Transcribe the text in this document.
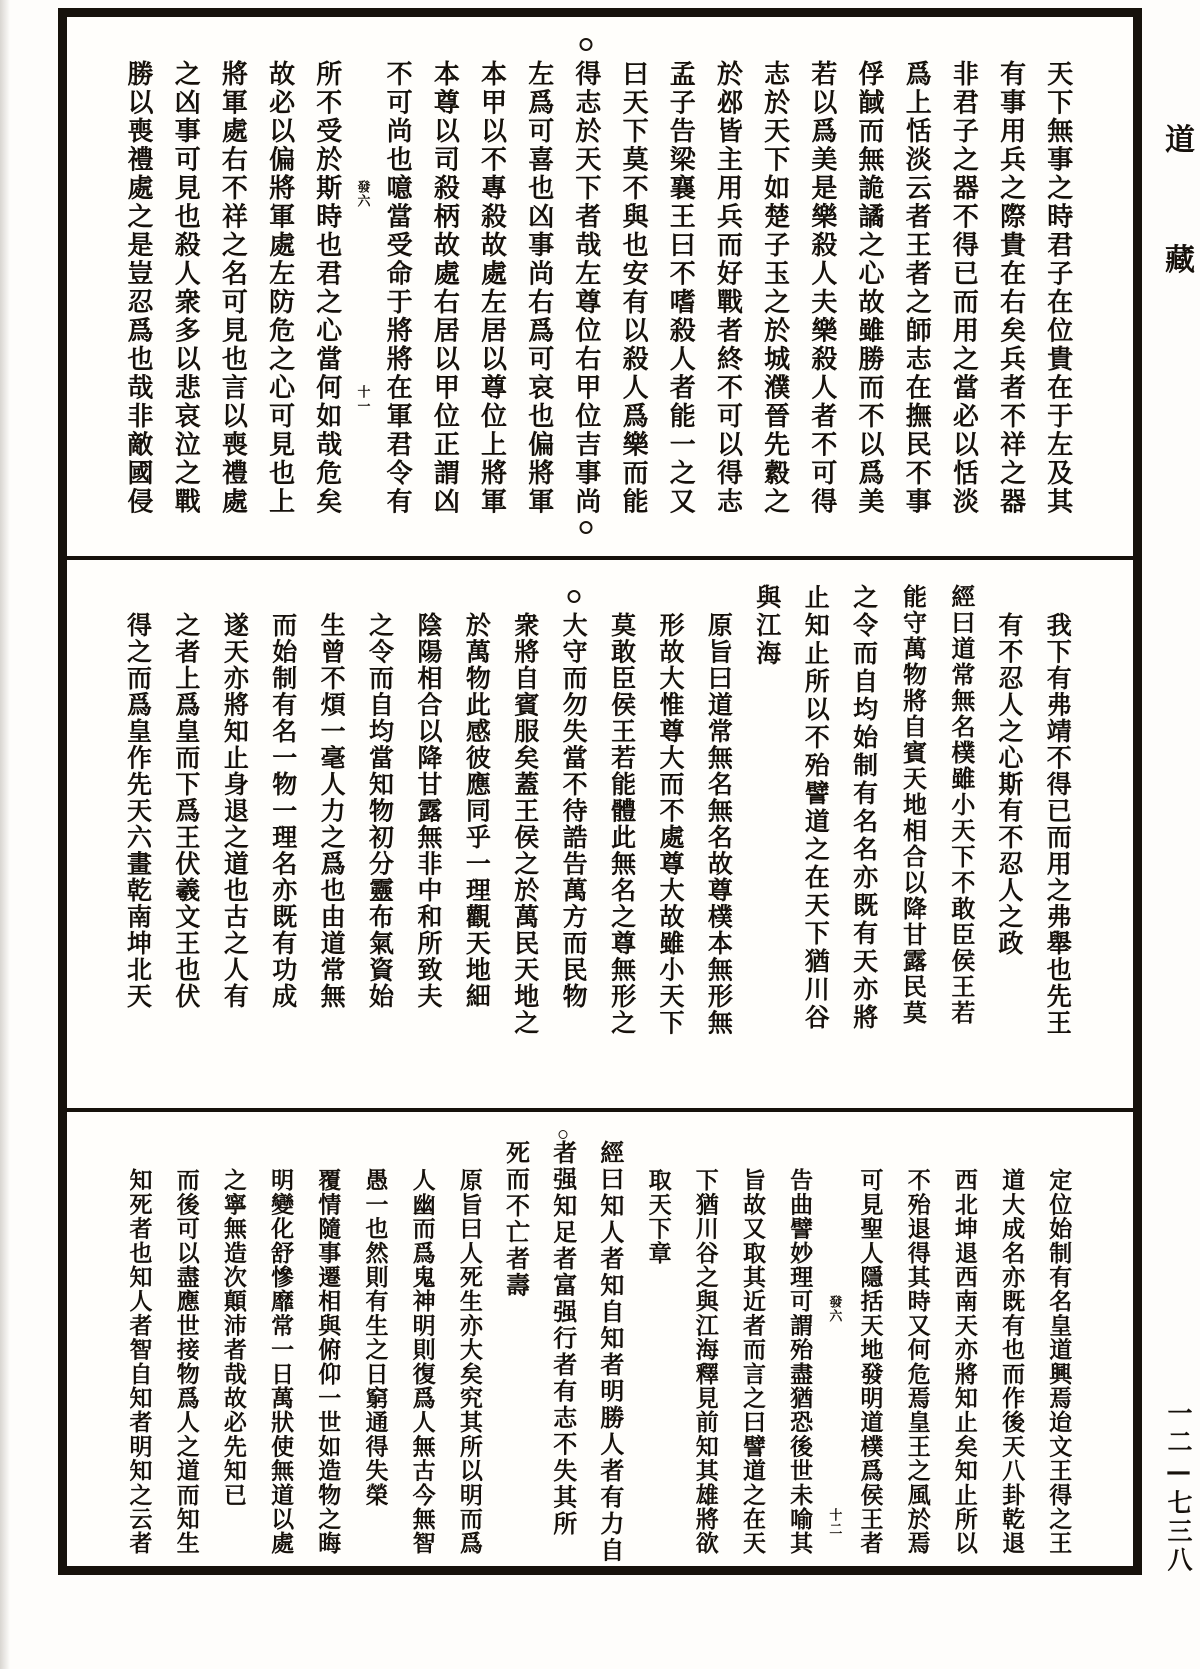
天下無事之時君子在位貴在于左及其
有事用兵之際貴在右矣兵者不祥之器
非君子之器不得已而用之當必以恬淡
爲上恬淡云者王者之師志在撫民不事
俘馘而無詭譎之心故雖勝而不以爲美
若以爲美是樂殺人夫樂殺人者不可得
志於天下如楚子玉之於城濮晉先縠之
於邲皆主用兵而好戰者終不可以得志
孟子告梁襄王曰不嗜殺人者能一之又
曰天下莫不與也安有以殺人爲樂而能
得志於天下者哉左尊位右甲位吉事尚
左爲可喜也凶事尚右爲可哀也偏將軍
本甲以不專殺故處左居以尊位上將軍
本尊以司殺柄故處右居以甲位正謂凶
不可尚也噫當受命于將將在軍君令有
發六
十一
所不受於斯時也君之心當何如哉危矣
故必以偏將軍處左防危之心可見也上
將軍處右不祥之名可見也言以喪禮處
之凶事可見也殺人衆多以悲哀泣之戰
勝以喪禮處之是豈忍爲也哉非敵國侵
我下有弗靖不得已而用之弗舉也先王
有不忍人之心斯有不忍人之政
經曰道常無名樸雖小天下不敢臣侯王若
能守萬物將自賓天地相合以降甘露民莫
之令而自均始制有名名亦既有天亦將
止知止所以不殆譬道之在天下猶川谷
與江海
原旨曰道常無名無名故尊樸本無形無
形故大惟尊大而不處尊大故雖小天下
莫敢臣侯王若能體此無名之尊無形之
大守而勿失當不待誥告萬方而民物
衆將自賓服矣蓋王侯之於萬民天地之
於萬物此感彼應同乎一理觀天地細
陰陽相合以降甘露無非中和所致夫
之令而自均當知物初分靈布氣資始
生曾不煩一毫人力之爲也由道常無
而始制有名一物一理名亦既有功成
遂天亦將知止身退之道也古之人有
之者上爲皇而下爲王伏羲文王也伏
得之而爲皇作先天六畫乾南坤北天
定位始制有名皇道興焉迨文王得之王
道大成名亦既有也而作後天八卦乾退
西北坤退西南天亦將知止矣知止所以
不殆退得其時又何危焉皇王之風於焉
可見聖人隱括天地發明道樸爲侯王者
發六
十二
告曲譬妙理可謂殆盡猶恐後世未喻其
旨故又取其近者而言之曰譬道之在天
下猶川谷之與江海釋見前知其雄將欲
取天下章
經曰知人者知自知者明勝人者有力自
者强知足者富强行者有志不失其所
死而不亡者壽
原旨曰人死生亦大矣究其所以明而爲
人幽而爲鬼神明則復爲人無古今無智
愚一也然則有生之日窮通得失榮
覆情隨事遷相與俯仰一世如造物之晦
明變化舒慘靡常一日萬狀使無道以處
之寧無造次顛沛者哉故必先知已
而後可以盡應世接物爲人之道而知生
知死者也知人者智自知者明知之云者
道
藏
一二—七三八
